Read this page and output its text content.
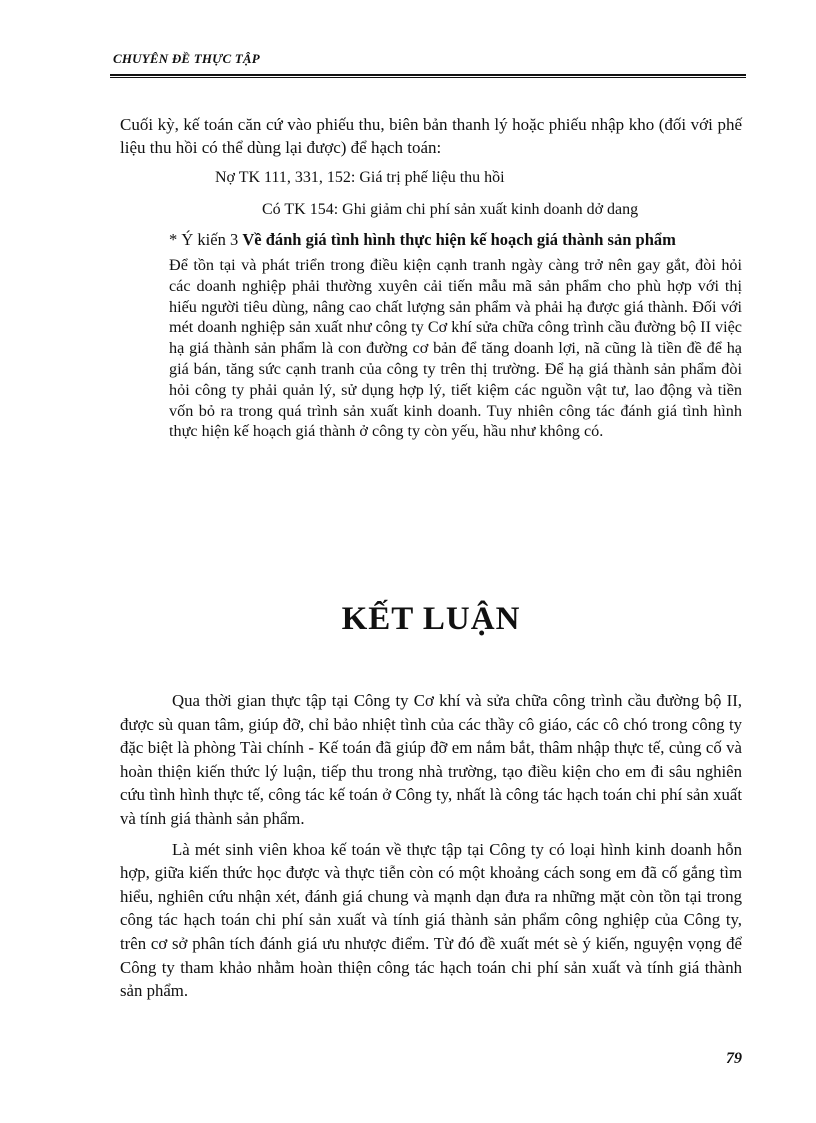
CHUYÊN ĐỀ THỰC TẬP

Cuối kỳ, kế toán căn cứ vào phiếu thu, biên bản thanh lý hoặc phiếu nhập kho (đối với phế liệu thu hồi có thể dùng lại được) để hạch toán:

Nợ TK 111, 331, 152: Giá trị phế liệu thu hồi
Có TK 154: Ghi giảm chi phí sản xuất kinh doanh dở dang
* Ý kiến 3 Về đánh giá tình hình thực hiện kế hoạch giá thành sản phẩm

Để tồn tại và phát triển trong điều kiện cạnh tranh ngày càng trở nên gay gắt, đòi hỏi các doanh nghiệp phải thường xuyên cải tiến mẫu mã sản phẩm cho phù hợp với thị hiếu người tiêu dùng, nâng cao chất lượng sản phẩm và phải hạ được giá thành. Đối với mét doanh nghiệp sản xuất như công ty Cơ khí sửa chữa công trình cầu đường bộ II việc hạ giá thành sản phẩm là con đường cơ bản để tăng doanh lợi, nã cũng là tiền đề để hạ giá bán, tăng sức cạnh tranh của công ty trên thị trường. Để hạ giá thành sản phẩm đòi hỏi công ty phải quản lý, sử dụng hợp lý, tiết kiệm các nguồn vật tư, lao động và tiền vốn bỏ ra trong quá trình sản xuất kinh doanh. Tuy nhiên công tác đánh giá tình hình thực hiện kế hoạch giá thành ở công ty còn yếu, hầu như không có.

KẾT LUẬN

Qua thời gian thực tập tại Công ty Cơ khí và sửa chữa công trình cầu đường bộ II, được sù quan tâm, giúp đỡ, chỉ bảo nhiệt tình của các thầy cô giáo, các cô chó trong công ty đặc biệt là phòng Tài chính - Kế toán đã giúp đỡ em nắm bắt, thâm nhập thực tế, củng cố và hoàn thiện kiến thức lý luận, tiếp thu trong nhà trường, tạo điều kiện cho em đi sâu nghiên cứu tình hình thực tế, công tác kế toán ở Công ty, nhất là công tác hạch toán chi phí sản xuất và tính giá thành sản phẩm.

Là mét sinh viên khoa kế toán về thực tập tại Công ty có loại hình kinh doanh hỗn hợp, giữa kiến thức học được và thực tiễn còn có một khoảng cách song em đã cố gắng tìm hiểu, nghiên cứu nhận xét, đánh giá chung và mạnh dạn đưa ra những mặt còn tồn tại trong công tác hạch toán chi phí sản xuất và tính giá thành sản phẩm công nghiệp của Công ty, trên cơ sở phân tích đánh giá ưu nhược điểm. Từ đó đề xuất mét sè ý kiến, nguyện vọng để Công ty tham khảo nhằm hoàn thiện công tác hạch toán chi phí sản xuất và tính giá thành sản phẩm.

79
